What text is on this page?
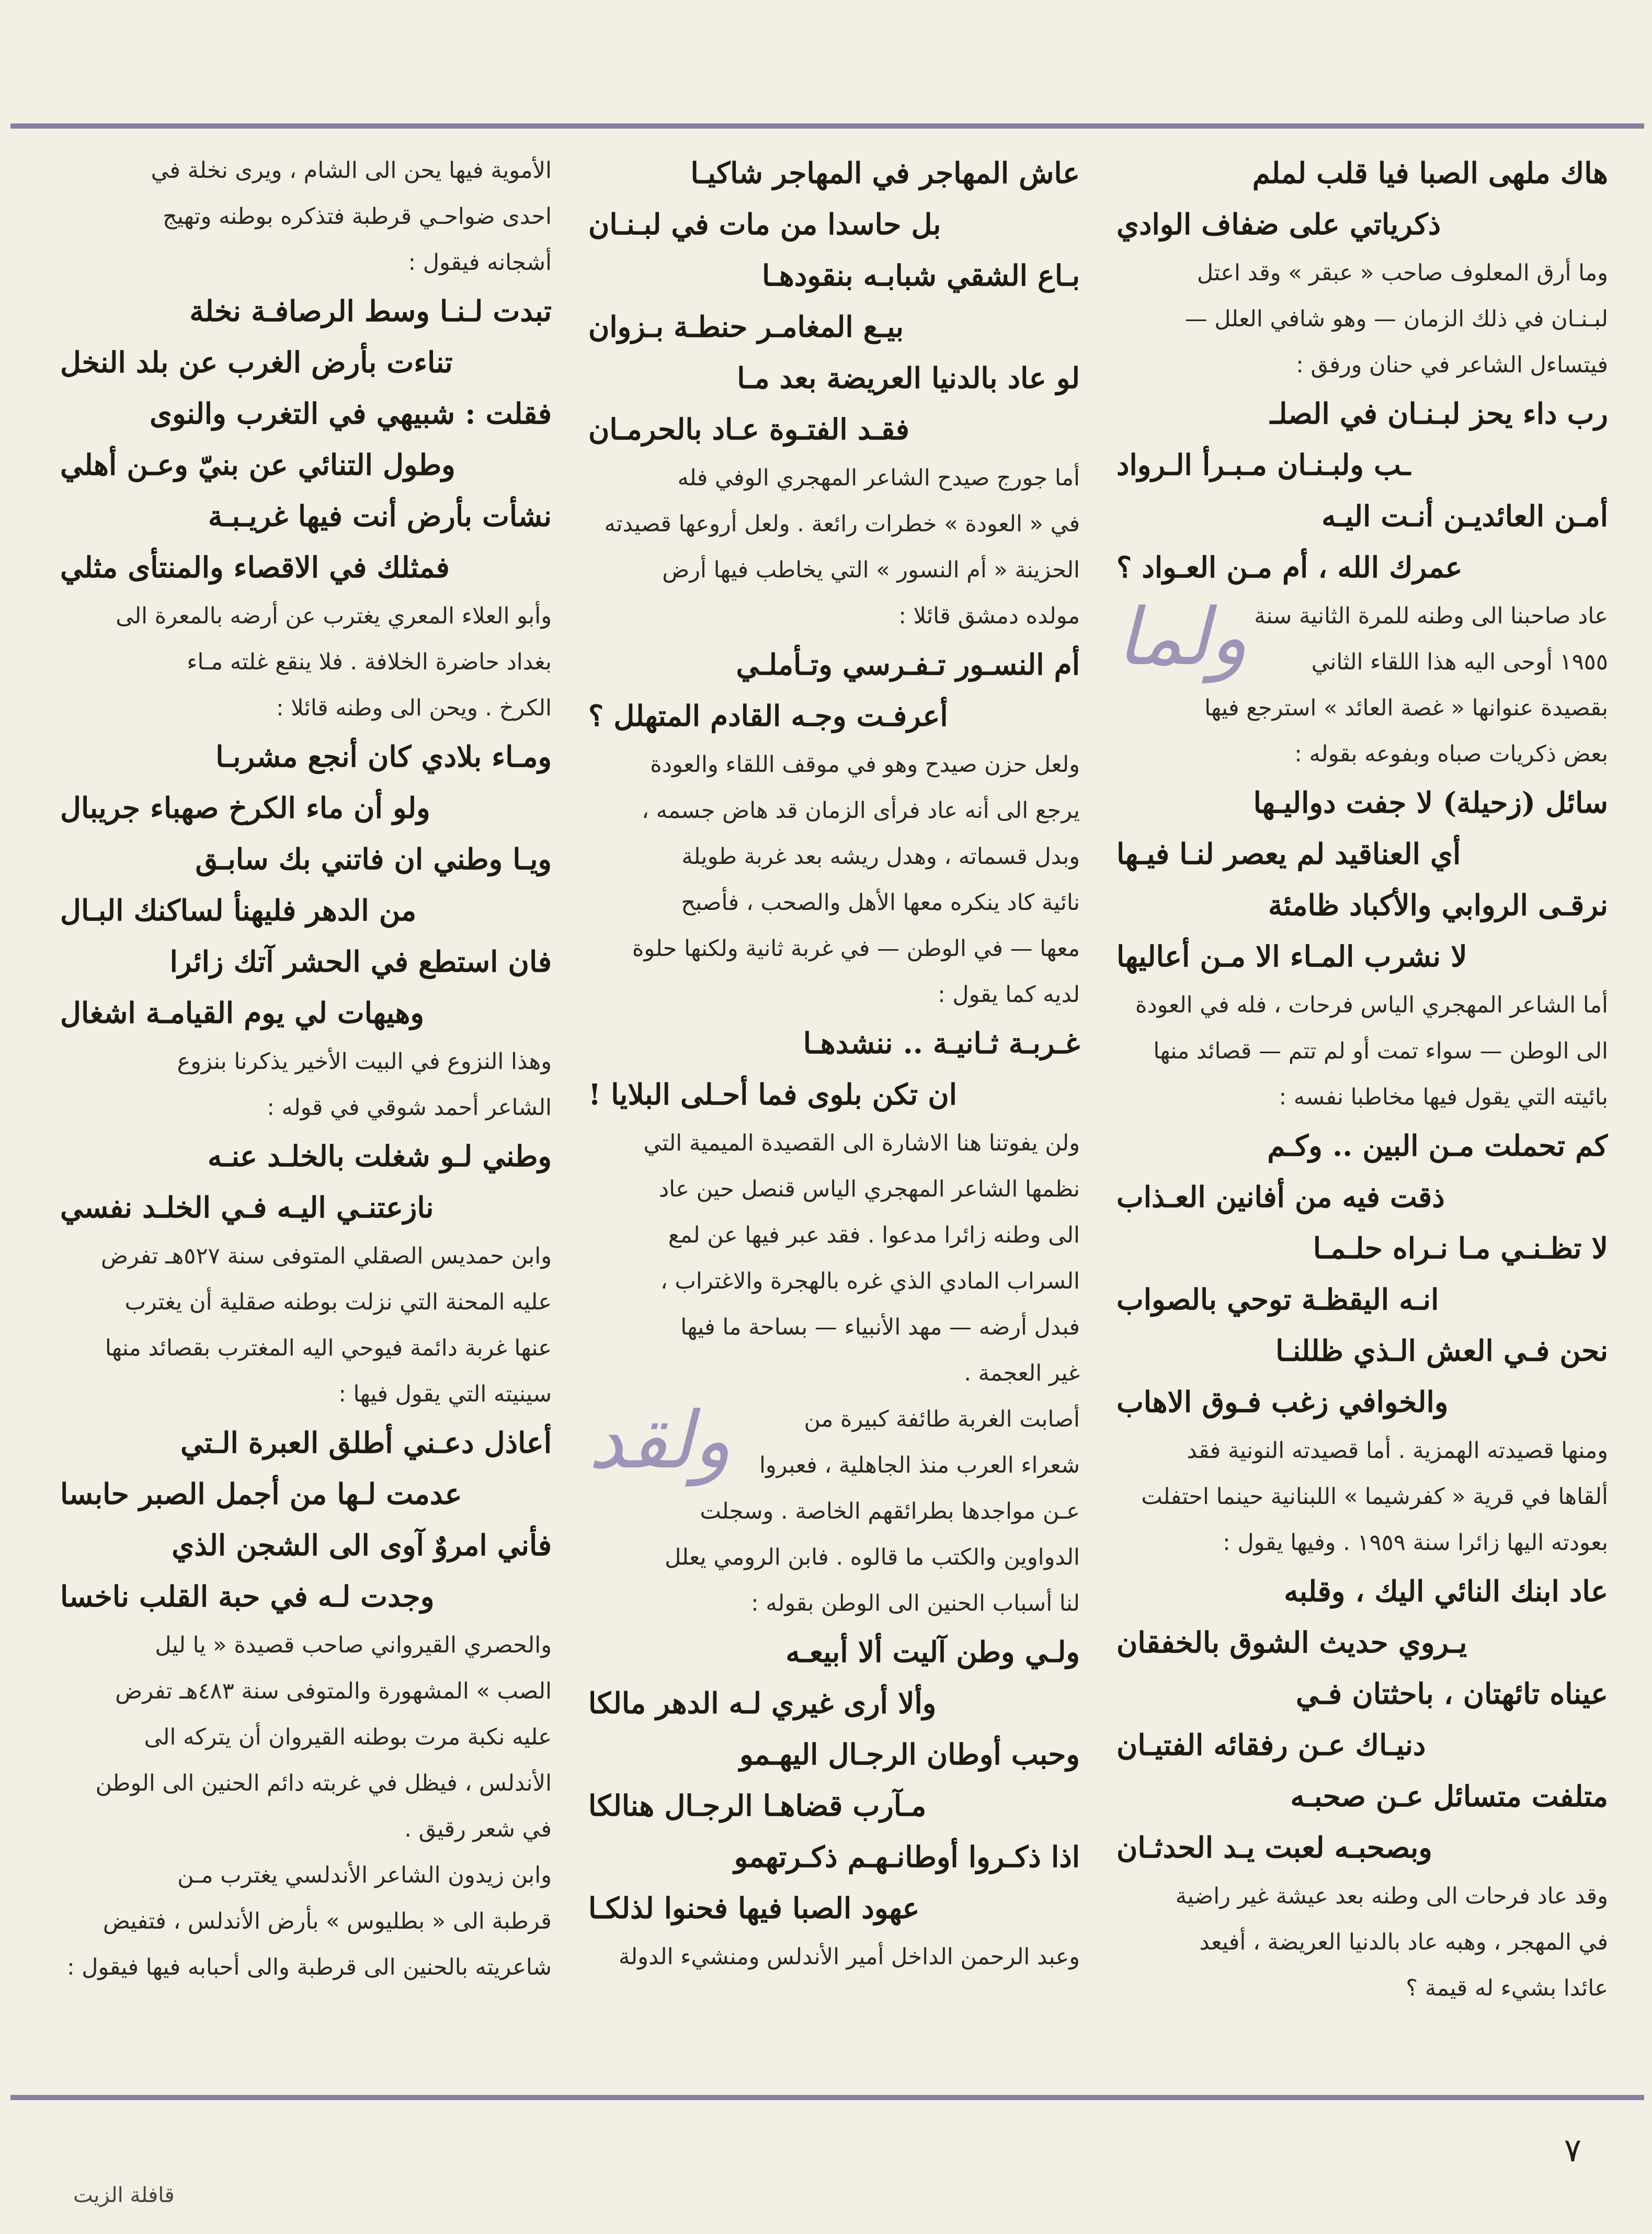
هاك ملهى الصبا فيا قلب لملم

ذكرياتي على ضفاف الوادي

وما أرق المعلوف صاحب « عبقر » وقد اعتل

لبـنـان في ذلك الزمان — وهو شافي العلل —

فيتساءل الشاعر في حنان ورفق :

رب داء يحز لبـنـان في الصلـ

ـب ولبـنـان مـبـرأ الـرواد

أمـن العائديـن أنـت اليـه

عمرك الله ، أم مـن العـواد ؟

ولما عاد صاحبنا الى وطنه للمرة الثانية سنة

١٩٥٥ أوحى اليه هذا اللقاء الثاني

بقصيدة عنوانها « غصة العائد » استرجع فيها

بعض ذكريات صباه وبفوعه بقوله :

سائل (زحيلة) لا جفت دواليـها

أي العناقيد لم يعصر لنـا فيـها

نرقـى الروابي والأكباد ظامئة

لا نشرب المـاء الا مـن أعاليها

أما الشاعر المهجري الياس فرحات ، فله في العودة

الى الوطن — سواء تمت أو لم تتم — قصائد منها

بائيته التي يقول فيها مخاطبا نفسه :

كم تحملت مـن البين .. وكـم

ذقت فيه من أفانين العـذاب

لا تظـنـي مـا نـراه حلـمـا

انـه اليقظـة توحي بالصواب

نحن فـي العش الـذي ظللنـا

والخوافي زغب فـوق الاهاب

ومنها قصيدته الهمزية . أما قصيدته النونية فقد

ألقاها في قرية « كفرشيما » اللبنانية حينما احتفلت

بعودته اليها زائرا سنة ١٩٥٩ . وفيها يقول :

عاد ابنك النائي اليك ، وقلبه

يـروي حديث الشوق بالخفقان

عيناه تائهتان ، باحثتان فـي

دنيـاك عـن رفقائه الفتيـان

متلفت متسائل عـن صحبـه

وبصحبـه لعبت يـد الحدثـان

وقد عاد فرحات الى وطنه بعد عيشة غير راضية

في المهجر ، وهبه عاد بالدنيا العريضة ، أفيعد

عائدا بشيء له قيمة ؟

عاش المهاجر في المهاجر شاكيـا

بل حاسدا من مات في لبـنـان

بـاع الشقي شبابـه بنقودهـا

بيـع المغامـر حنطـة بـزوان

لو عاد بالدنيا العريضة بعد مـا

فقـد الفتـوة عـاد بالحرمـان

أما جورج صيدح الشاعر المهجري الوفي فله

في « العودة » خطرات رائعة . ولعل أروعها قصيدته

الحزينة « أم النسور » التي يخاطب فيها أرض

مولده دمشق قائلا :

أم النسـور تـفـرسي وتـأملـي

أعرفـت وجـه القادم المتهلل ؟

ولعل حزن صيدح وهو في موقف اللقاء والعودة

يرجع الى أنه عاد فرأى الزمان قد هاض جسمه ،

وبدل قسماته ، وهدل ريشه بعد غربة طويلة

نائية كاد ينكره معها الأهل والصحب ، فأصبح

معها — في الوطن — في غربة ثانية ولكنها حلوة

لديه كما يقول :

غـربـة ثـانيـة .. ننشدهـا

ان تكن بلوى فما أحـلى البلايا !

ولن يفوتنا هنا الاشارة الى القصيدة الميمية التي

نظمها الشاعر المهجري الياس قنصل حين عاد

الى وطنه زائرا مدعوا . فقد عبر فيها عن لمع

السراب المادي الذي غره بالهجرة والاغتراب ،

فبدل أرضه — مهد الأنبياء — بساحة ما فيها

غير العجمة .

ولقد	أصابت الغربة طائفة كبيرة من

شعراء العرب منذ الجاهلية ، فعبروا

عـن مواجدها بطرائقهم الخاصة . وسجلت

الدواوين والكتب ما قالوه . فابن الرومي يعلل

لنا أسباب الحنين الى الوطن بقوله :

ولـي وطن آليت ألا أبيعـه

وألا أرى غيري لـه الدهر مالكا

وحبب أوطان الرجـال اليهـمو

مـآرب قضاهـا الرجـال هنالكا

اذا ذكـروا أوطانـهـم ذكـرتهمو

عهود الصبا فيها فحنوا لذلكـا

وعبد الرحمن الداخل أمير الأندلس ومنشيء الدولة

الأموية فيها يحن الى الشام ، ويرى نخلة في

احدى ضواحـي قرطبة فتذكره بوطنه وتهيج

أشجانه فيقول :

تبدت لـنـا وسط الرصافـة نخلة

تناءت بأرض الغرب عن بلد النخل

فقلت : شبيهي في التغرب والنوى

وطول التنائي عن بنيّ وعـن أهلي

نشأت بأرض أنت فيها غريـبـة

فمثلك في الاقصاء والمنتأى مثلي

وأبو العلاء المعري يغترب عن أرضه بالمعرة الى

بغداد حاضرة الخلافة . فلا ينقع غلته مـاء

الكرخ . ويحن الى وطنه قائلا :

ومـاء بلادي كان أنجع مشربـا

ولو أن ماء الكرخ صهباء جريبال

ويـا وطني ان فاتني بك سابـق

من الدهر فليهنأ لساكنك البـال

فان استطع في الحشر آتك زائرا

وهيهات لي يوم القيامـة اشغال

وهذا النزوع في البيت الأخير يذكرنا بنزوع

الشاعر أحمد شوقي في قوله :

وطني لـو شغلت بالخلـد عنـه

نازعتنـي اليـه فـي الخلـد نفسي

وابن حمديس الصقلي المتوفى سنة ٥٢٧هـ تفرض

عليه المحنة التي نزلت بوطنه صقلية أن يغترب

عنها غربة دائمة فيوحي اليه المغترب بقصائد منها

سينيته التي يقول فيها :

أعاذل دعـني أطلق العبرة الـتي

عدمت لـها من أجمل الصبر حابسا

فأني امروٌ آوى الى الشجن الذي

وجدت لـه في حبة القلب ناخسا

والحصري القيرواني صاحب قصيدة « يا ليل

الصب » المشهورة والمتوفى سنة ٤٨٣هـ تفرض

عليه نكبة مرت بوطنه القيروان أن يتركه الى

الأندلس ، فيظل في غربته دائم الحنين الى الوطن

في شعر رقيق .

وابن زيدون الشاعر الأندلسي يغترب مـن

قرطبة الى « بطليوس » بأرض الأندلس ، فتفيض

شاعريته بالحنين الى قرطبة والى أحبابه فيها فيقول :

٧
قافلة الزيت
